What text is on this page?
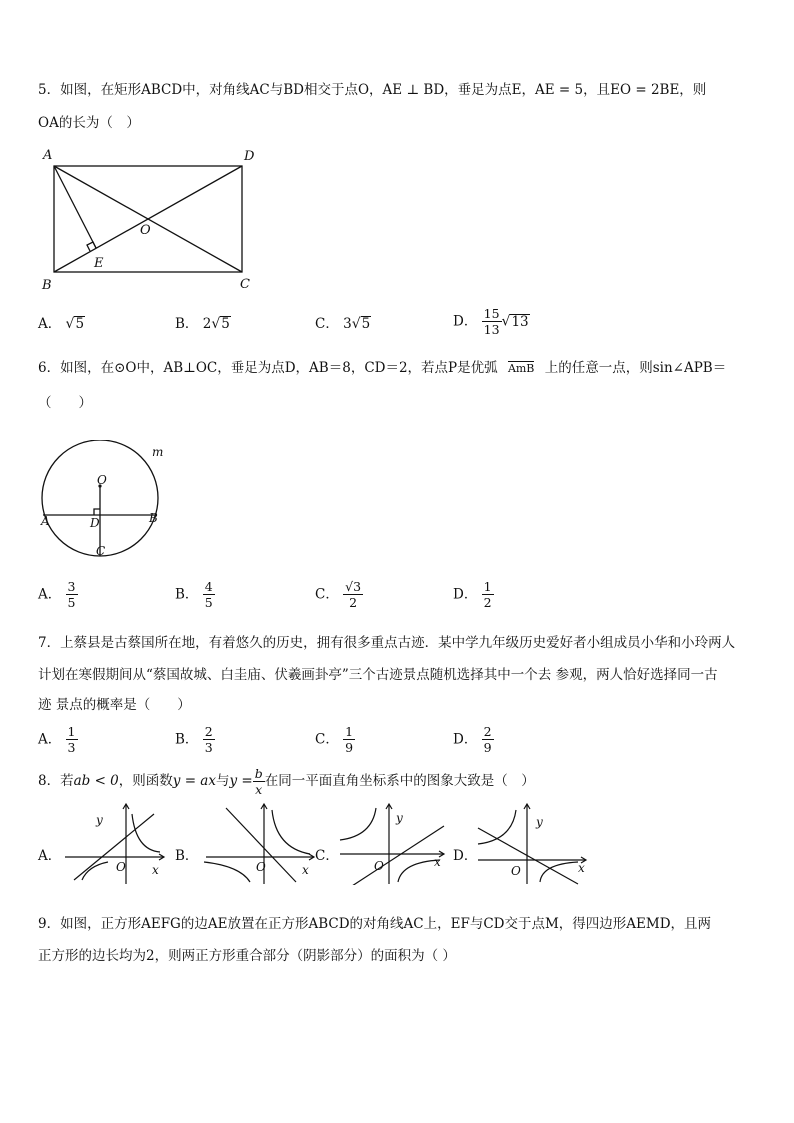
5．如图，在矩形ABCD中，对角线AC与BD相交于点O，AE ⊥ BD，垂足为点E，AE = 5，且EO = 2BE，则
OA的长为（　）
A	D
B	C
O
E
A． √5	B． 2√5	C． 3√5	D． $\frac{15}{13} √13$
6．如图，在⊙O中，AB⊥OC，垂足为点D，AB＝8，CD＝2，若点P是优弧 AmB 上的任意一点，则sin∠APB＝
（　　）
O
m
A	B
D
C
A． $\frac{3}{5}$	B． $\frac{4}{5}$	C． $\frac{√3}{2}$	D． $\frac{1}{2}$
7．上蔡县是古蔡国所在地，有着悠久的历史，拥有很多重点古迹．某中学九年级历史爱好者小组成员小华和小玲两人
计划在寒假期间从“蔡国故城、白圭庙、伏羲画卦亭”三个古迹景点随机选择其中一个去 参观，两人恰好选择同一古
迹 景点的概率是（　　）
A． $\frac{1}{3}$	B． $\frac{2}{3}$	C． $\frac{1}{9}$	D． $\frac{2}{9}$
8．若ab < 0，则函数y = ax与$y = \frac{b}{x}$ 在同一平面直角坐标系中的图象大致是（　）
A．
y
O x
B．
O	x
C．
y
O	x D．
y
O	x
9．如图，正方形AEFG的边AE放置在正方形ABCD的对角线AC上，EF与CD交于点M，得四边形AEMD，且两
正方形的边长均为2，则两正方形重合部分（阴影部分）的面积为（ ）
